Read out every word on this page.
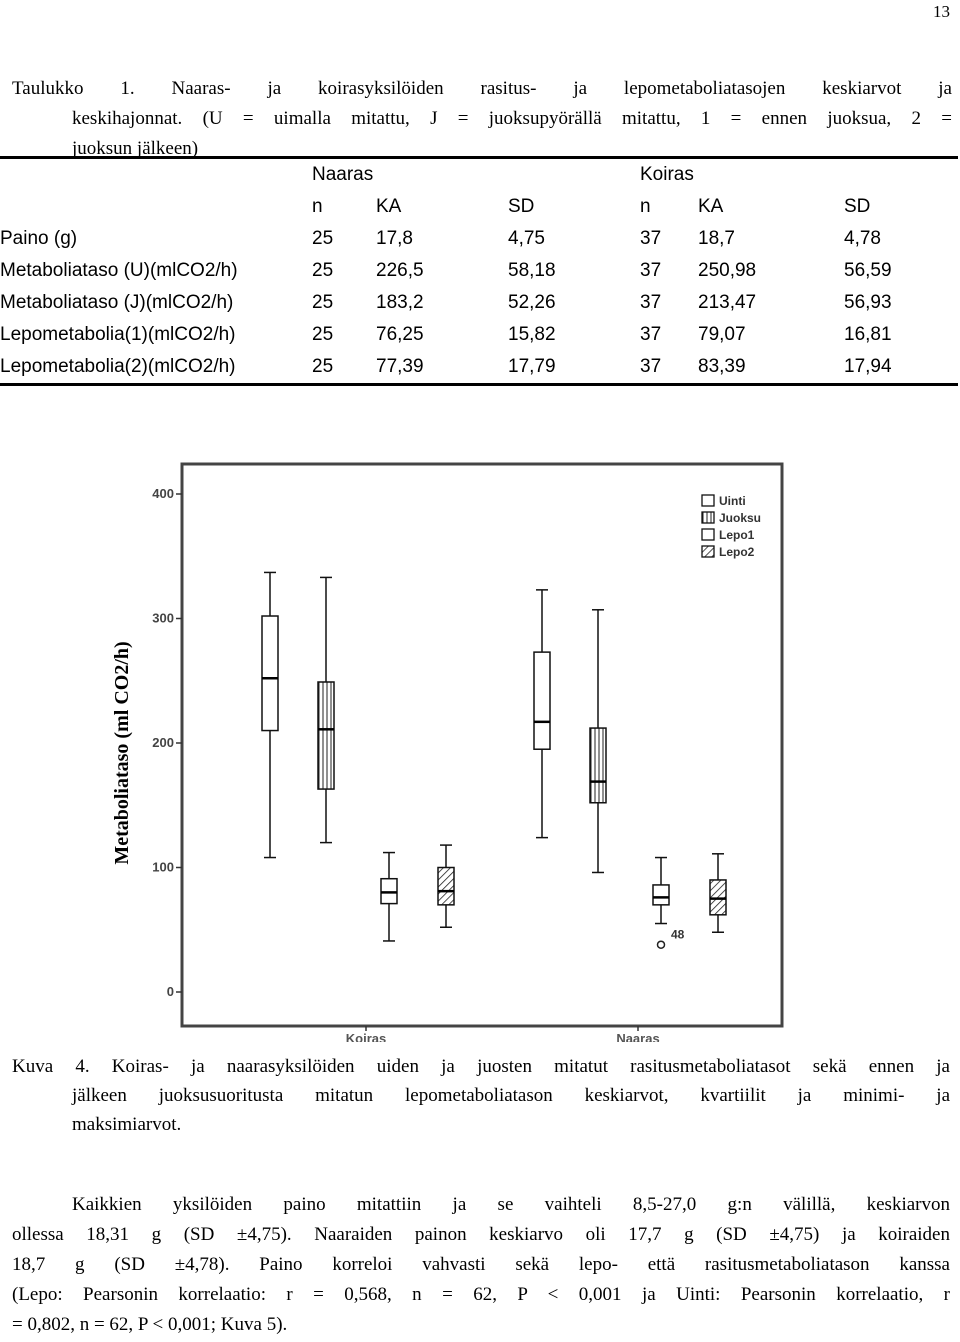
13
Taulukko 1. Naaras- ja koirasyksilöiden rasitus- ja lepometaboliatasojen keskiarvot ja
keskihajonnat. (U = uimalla mitattu, J = juoksupyörällä mitattu, 1 = ennen juoksua, 2 =
juoksun jälkeen)
	Naaras			Koiras		
	n	KA	SD	n	KA	SD
Paino (g)	25	17,8	4,75	37	18,7	4,78
Metaboliataso (U)(mlCO2/h)	25	226,5	58,18	37	250,98	56,59
Metaboliataso (J)(mlCO2/h)	25	183,2	52,26	37	213,47	56,93
Lepometabolia(1)(mlCO2/h)	25	76,25	15,82	37	79,07	16,81
Lepometabolia(2)(mlCO2/h)	25	77,39	17,79	37	83,39	17,94
0
100
200
300
400
Metaboliataso (ml CO2/h)
Koiras	Naaras
48
Uinti
Juoksu
Lepo1
Lepo2
Kuva 4. Koiras- ja naarasyksilöiden uiden ja juosten mitatut rasitusmetaboliatasot sekä ennen ja
jälkeen juoksusuoritusta mitatun lepometaboliatason keskiarvot, kvartiilit ja minimi- ja
maksimiarvot.
Kaikkien yksilöiden paino mitattiin ja se vaihteli 8,5-27,0 g:n välillä, keskiarvon
ollessa 18,31 g (SD ±4,75). Naaraiden painon keskiarvo oli 17,7 g (SD ±4,75) ja koiraiden
18,7 g (SD ±4,78). Paino korreloi vahvasti sekä lepo- että rasitusmetaboliatason kanssa
(Lepo: Pearsonin korrelaatio: r = 0,568, n = 62, P < 0,001 ja Uinti: Pearsonin korrelaatio, r
= 0,802, n = 62, P < 0,001; Kuva 5).
